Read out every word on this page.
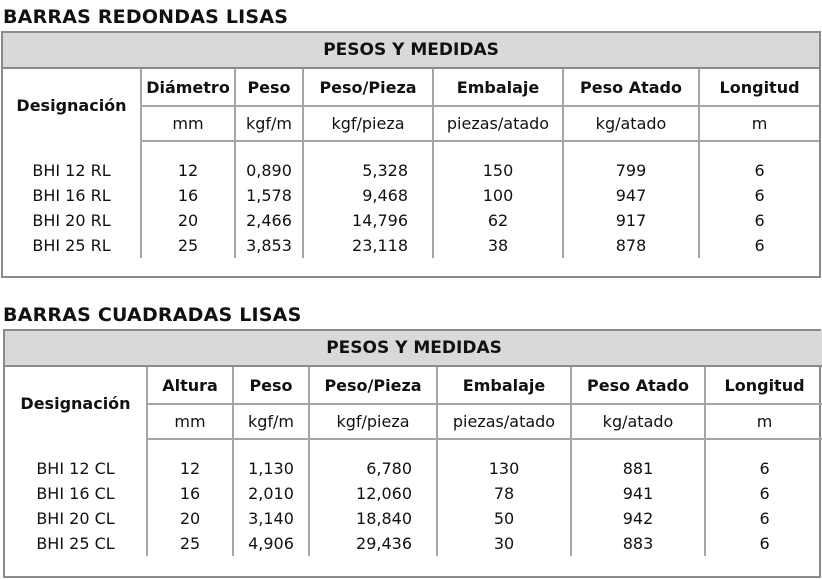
BARRAS REDONDAS LISAS
PESOS Y MEDIDAS						
Designación	Diámetro	Peso	Peso/Pieza	Embalaje	Peso Atado	Longitud
	mm	kgf/m	kgf/pieza	piezas/atado	kg/atado	m

BHI 12 RL	12	0,890	5,328	150	799	6
BHI 16 RL	16	1,578	9,468	100	947	6
BHI 20 RL	20	2,466	14,796	62	917	6
BHI 25 RL	25	3,853	23,118	38	878	6
BARRAS CUADRADAS LISAS
PESOS Y MEDIDAS						
Designación	Altura	Peso	Peso/Pieza	Embalaje	Peso Atado	Longitud
	mm	kgf/m	kgf/pieza	piezas/atado	kg/atado	m

BHI 12 CL	12	1,130	6,780	130	881	6
BHI 16 CL	16	2,010	12,060	78	941	6
BHI 20 CL	20	3,140	18,840	50	942	6
BHI 25 CL	25	4,906	29,436	30	883	6
